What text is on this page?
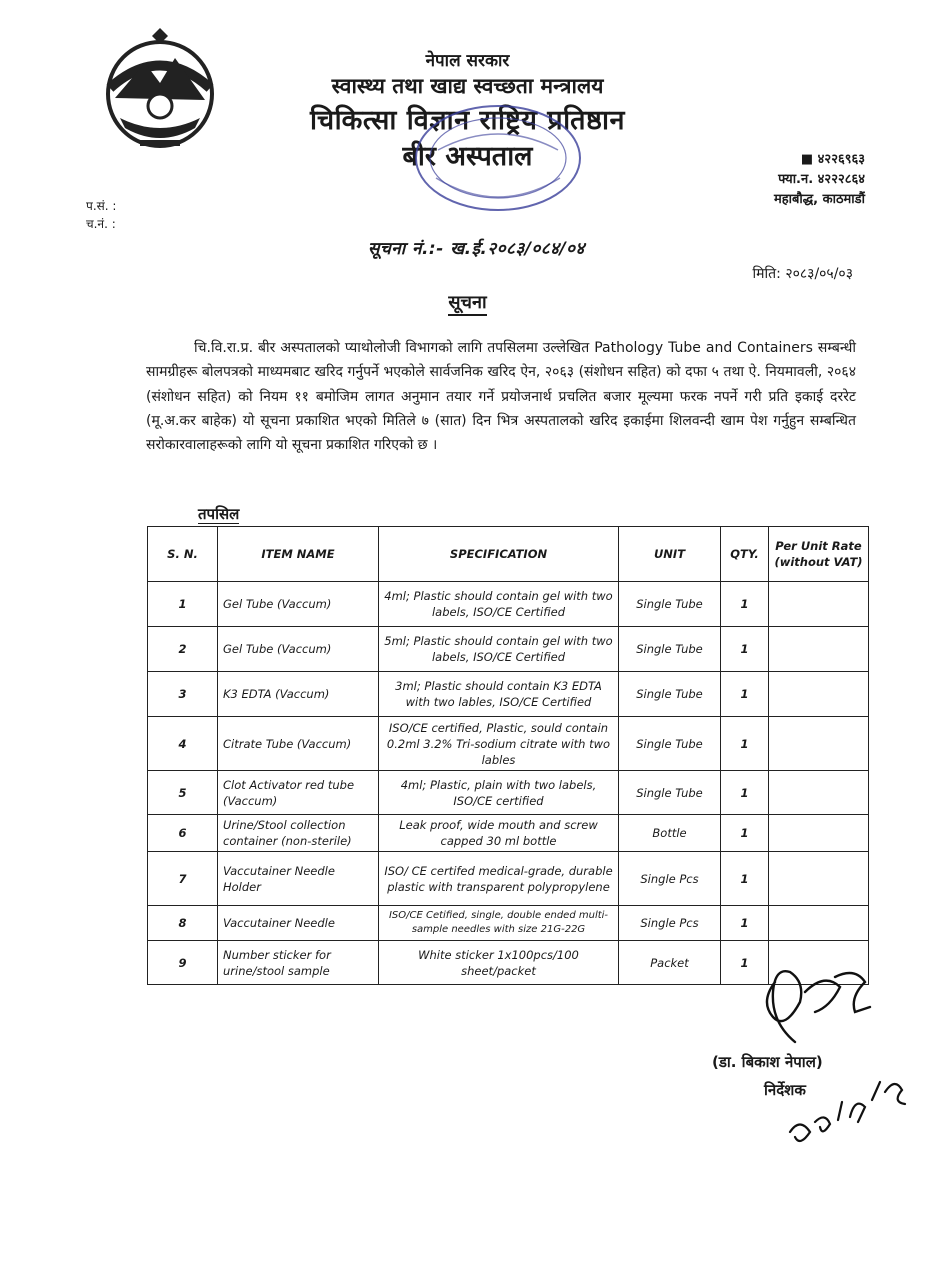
नेपाल सरकार
स्वास्थ्य तथा खाद्य स्वच्छता मन्त्रालय
चिकित्सा विज्ञान राष्ट्रिय प्रतिष्ठान
बीर अस्पताल	■ ४२२६९६३
फ्या.न. ४२२२८६४
महाबौद्ध, काठमाडौं
प.सं. :
च.नं. :
सूचना नं.:- ख.ई.२०८३/०८४/०४
मिति: २०८३/०५/०३
सूचना
चि.वि.रा.प्र. बीर अस्पतालको प्याथोलोजी विभागको लागि तपसिलमा उल्लेखित Pathology Tube and Containers सम्बन्धी सामग्रीहरू बोलपत्रको माध्यमबाट खरिद गर्नुपर्ने भएकोले सार्वजनिक खरिद ऐन, २०६३ (संशोधन सहित) को दफा ५ तथा ऐ. नियमावली, २०६४ (संशोधन सहित) को नियम ११ बमोजिम लागत अनुमान तयार गर्ने प्रयोजनार्थ प्रचलित बजार मूल्यमा फरक नपर्ने गरी प्रति इकाई दररेट (मू.अ.कर बाहेक) यो सूचना प्रकाशित भएको मितिले ७ (सात) दिन भित्र अस्पतालको खरिद इकाईमा शिलवन्दी खाम पेश गर्नुहुन सम्बन्धित सरोकारवालाहरूको लागि यो सूचना प्रकाशित गरिएको छ ।
तपसिल
S. N.	ITEM NAME	SPECIFICATION	UNIT	QTY.	Per Unit Rate (without VAT)
1	Gel Tube (Vaccum)	4ml; Plastic should contain gel with two labels, ISO/CE Certified	Single Tube	1	
2	Gel Tube (Vaccum)	5ml; Plastic should contain gel with two labels, ISO/CE Certified	Single Tube	1	
3	K3 EDTA (Vaccum)	3ml; Plastic should contain K3 EDTA with two lables, ISO/CE Certified	Single Tube	1	
4	Citrate Tube (Vaccum)	ISO/CE certified, Plastic, sould contain 0.2ml 3.2% Tri-sodium citrate with two lables	Single Tube	1	
5	Clot Activator red tube (Vaccum)	4ml; Plastic, plain with two labels, ISO/CE certified	Single Tube	1	
6	Urine/Stool collection container (non-sterile)	Leak proof, wide mouth and screw capped 30 ml bottle	Bottle	1	
7	Vaccutainer Needle Holder	ISO/ CE certifed medical-grade, durable plastic with transparent polypropylene	Single Pcs	1	
8	Vaccutainer Needle	ISO/CE Cetified, single, double ended multi-sample needles with size 21G-22G	Single Pcs	1	
9	Number sticker for urine/stool sample	White sticker 1x100pcs/100 sheet/packet	Packet	1	
(डा. बिकाश नेपाल)
निर्देशक
